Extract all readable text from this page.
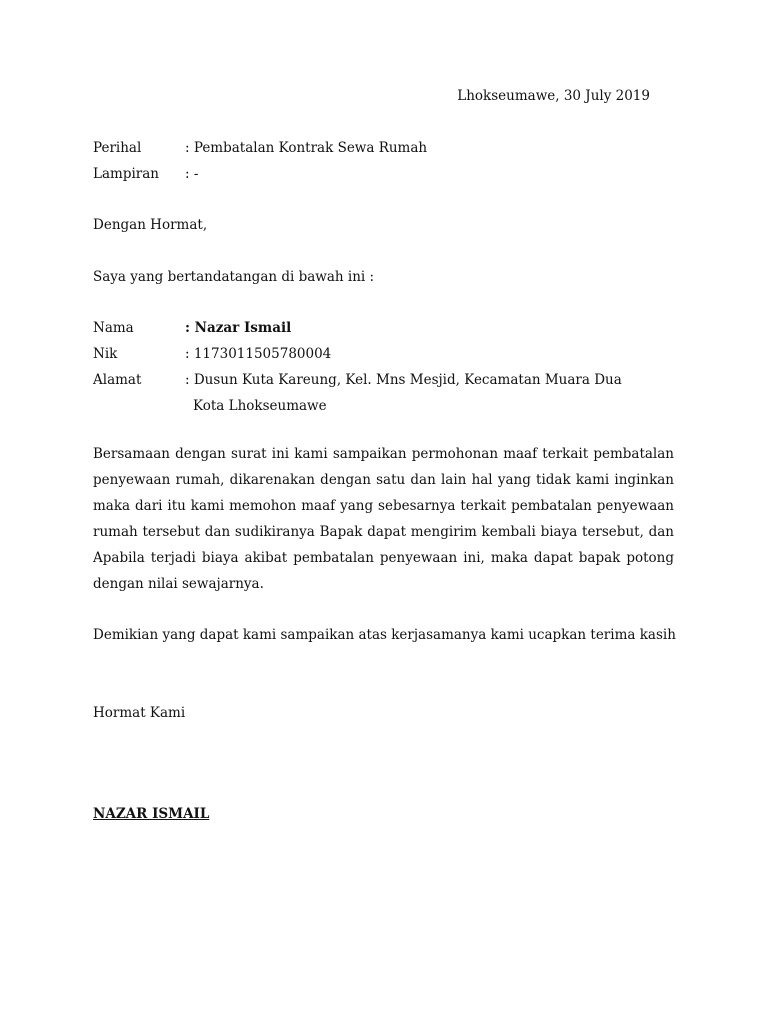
Lhokseumawe, 30 July 2019
Perihal	: Pembatalan Kontrak Sewa Rumah
Lampiran : -
Dengan Hormat,
Saya yang bertandatangan di bawah ini :
Nama	: Nazar Ismail
Nik	: 1173011505780004
Alamat	: Dusun Kuta Kareung, Kel. Mns Mesjid, Kecamatan Muara Dua
Kota Lhokseumawe

Bersamaan dengan surat ini kami sampaikan permohonan maaf terkait pembatalan penyewaan rumah, dikarenakan dengan satu dan lain hal yang tidak kami inginkan maka dari itu kami memohon maaf yang sebesarnya terkait pembatalan penyewaan rumah tersebut dan sudikiranya Bapak dapat mengirim kembali biaya tersebut, dan Apabila terjadi biaya akibat pembatalan penyewaan ini, maka dapat bapak potong dengan nilai sewajarnya.

Demikian yang dapat kami sampaikan atas kerjasamanya kami ucapkan terima kasih
Hormat Kami
NAZAR ISMAIL
